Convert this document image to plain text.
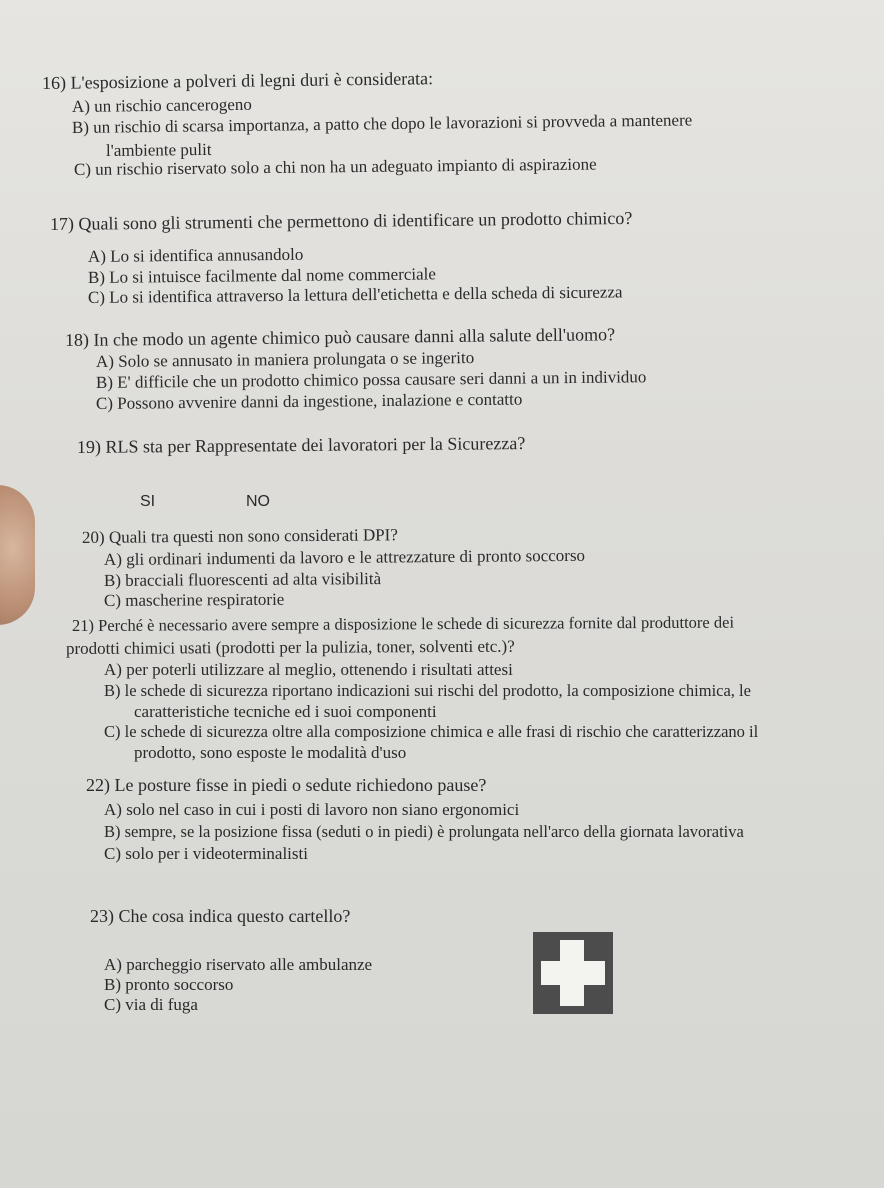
16) L'esposizione a polveri di legni duri è considerata:
A) un rischio cancerogeno
B) un rischio di scarsa importanza, a patto che dopo le lavorazioni si provveda a mantenere
l'ambiente pulit
C) un rischio riservato solo a chi non ha un adeguato impianto di aspirazione
17) Quali sono gli strumenti che permettono di identificare un prodotto chimico?
A) Lo si identifica annusandolo
B) Lo si intuisce facilmente dal nome commerciale
C) Lo si identifica attraverso la lettura dell'etichetta e della scheda di sicurezza
18) In che modo un agente chimico può causare danni alla salute dell'uomo?
A) Solo se annusato in maniera prolungata o se ingerito
B) E' difficile che un prodotto chimico possa causare seri danni a un in individuo
C) Possono avvenire danni da ingestione, inalazione e contatto
19) RLS sta per Rappresentate dei lavoratori per la Sicurezza?
SI	NO
20) Quali tra questi non sono considerati DPI?
A) gli ordinari indumenti da lavoro e le attrezzature di pronto soccorso
B) bracciali fluorescenti ad alta visibilità
C) mascherine respiratorie
21) Perché è necessario avere sempre a disposizione le schede di sicurezza fornite dal produttore dei
prodotti chimici usati (prodotti per la pulizia, toner, solventi etc.)?
A) per poterli utilizzare al meglio, ottenendo i risultati attesi
B) le schede di sicurezza riportano indicazioni sui rischi del prodotto, la composizione chimica, le
caratteristiche tecniche ed i suoi componenti
C) le schede di sicurezza oltre alla composizione chimica e alle frasi di rischio che caratterizzano il
prodotto, sono esposte le modalità d'uso
22) Le posture fisse in piedi o sedute richiedono pause?
A) solo nel caso in cui i posti di lavoro non siano ergonomici
B) sempre, se la posizione fissa (seduti o in piedi) è prolungata nell'arco della giornata lavorativa
C) solo per i videoterminalisti
23) Che cosa indica questo cartello?
A) parcheggio riservato alle ambulanze
B) pronto soccorso
C) via di fuga
